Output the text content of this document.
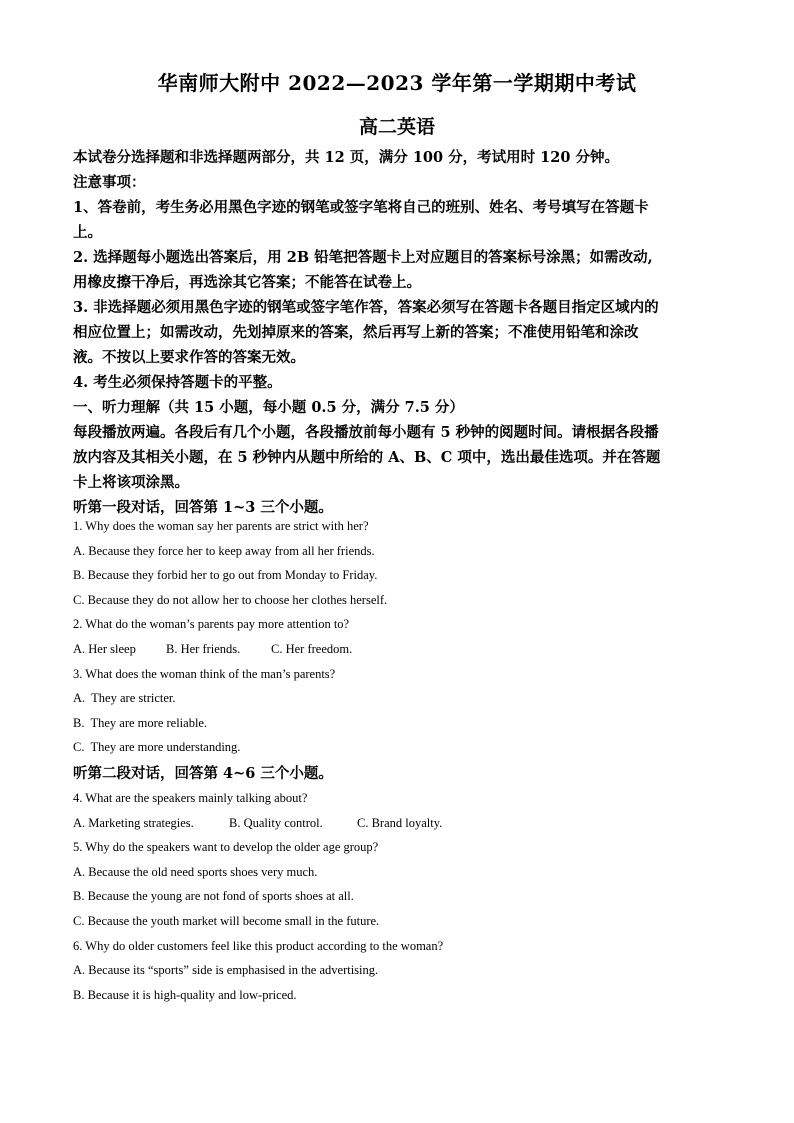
华南师大附中 2022—2023 学年第一学期期中考试
高二英语

本试卷分选择题和非选择题两部分，共 12 页，满分 100 分，考试用时 120 分钟。

注意事项：

1、答卷前，考生务必用黑色字迹的钢笔或签字笔将自己的班别、姓名、考号填写在答题卡

上。

2. 选择题每小题选出答案后，用 2B 铅笔把答题卡上对应题目的答案标号涂黑；如需改动,

用橡皮擦干净后，再选涂其它答案；不能答在试卷上。

3. 非选择题必须用黑色字迹的钢笔或签字笔作答，答案必须写在答题卡各题目指定区域内的

相应位置上；如需改动，先划掉原来的答案，然后再写上新的答案；不准使用铅笔和涂改

液。不按以上要求作答的答案无效。

4. 考生必须保持答题卡的平整。

一、听力理解（共 15 小题，每小题 0.5 分，满分 7.5 分）

每段播放两遍。各段后有几个小题，各段播放前每小题有 5 秒钟的阅题时间。请根据各段播

放内容及其相关小题，在 5 秒钟内从题中所给的 A、B、C 项中，选出最佳选项。并在答题

卡上将该项涂黑。

听第一段对话，回答第 1~3 三个小题。

1. Why does the woman say her parents are strict with her?

A. Because they force her to keep away from all her friends.

B. Because they forbid her to go out from Monday to Friday.

C. Because they do not allow her to choose her clothes herself.

2. What do the woman’s parents pay more attention to?

A. Her sleep B. Her friends. C. Her freedom.

3. What does the woman think of the man’s parents?

A.  They are stricter.

B.  They are more reliable.

C.  They are more understanding.

听第二段对话，回答第 4~6 三个小题。

4. What are the speakers mainly talking about?

A. Marketing strategies.	B. Quality control.	C. Brand loyalty.

5. Why do the speakers want to develop the older age group?

A. Because the old need sports shoes very much.

B. Because the young are not fond of sports shoes at all.

C. Because the youth market will become small in the future.

6. Why do older customers feel like this product according to the woman?

A. Because its “sports” side is emphasised in the advertising.

B. Because it is high-quality and low-priced.
